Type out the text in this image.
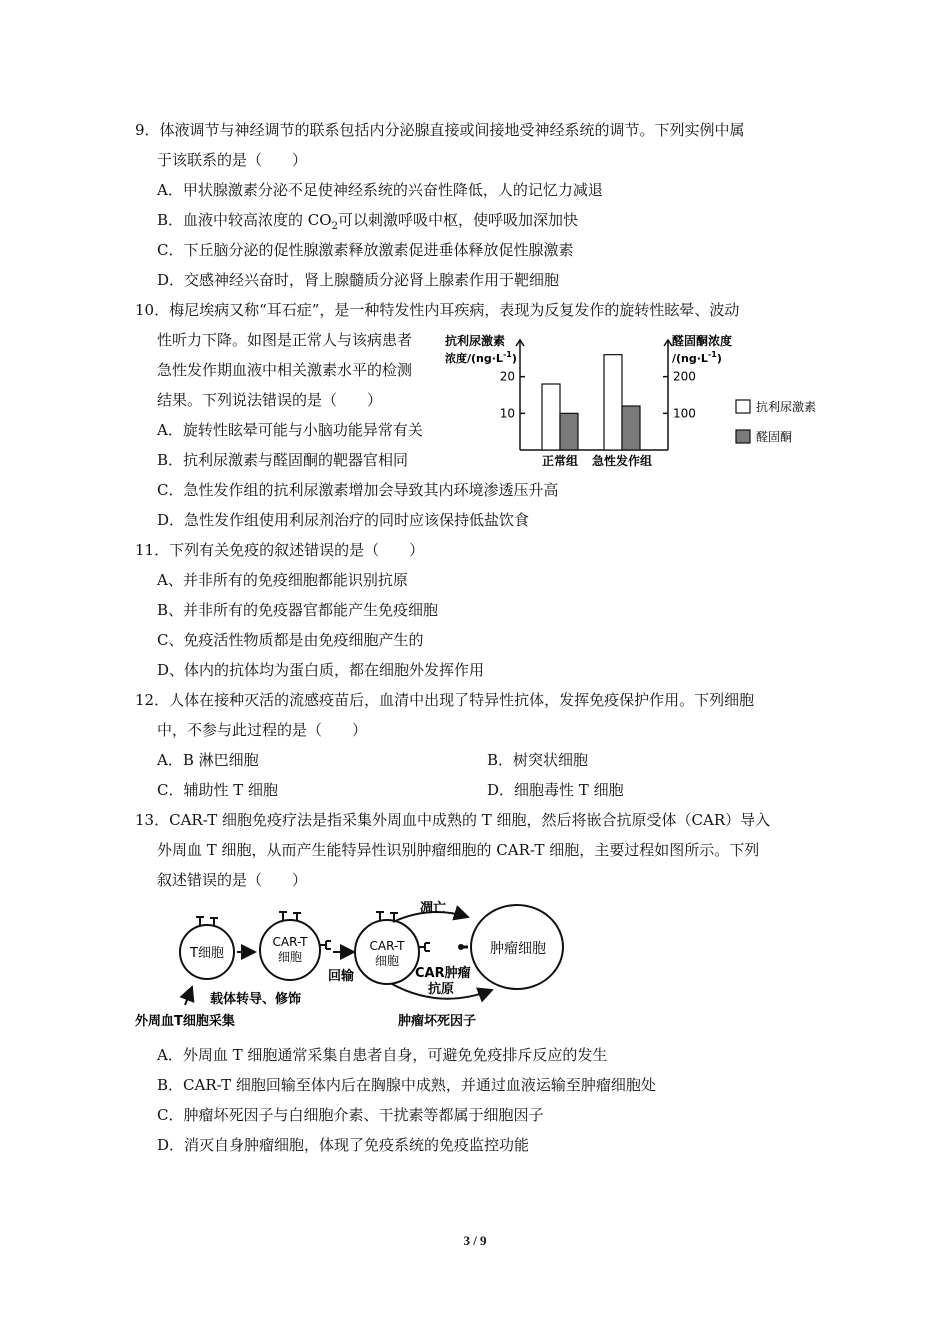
9．体液调节与神经调节的联系包括内分泌腺直接或间接地受神经系统的调节。下列实例中属
于该联系的是（　　）
A．甲状腺激素分泌不足使神经系统的兴奋性降低，人的记忆力减退
B．血液中较高浓度的 $CO_2$可以刺激呼吸中枢，使呼吸加深加快
C．下丘脑分泌的促性腺激素释放激素促进垂体释放促性腺激素
D．交感神经兴奋时，肾上腺髓质分泌肾上腺素作用于靶细胞
10．梅尼埃病又称“耳石症”，是一种特发性内耳疾病，表现为反复发作的旋转性眩晕、波动
性听力下降。如图是正常人与该病患者
急性发作期血液中相关激素水平的检测
结果。下列说法错误的是（　　）
A．旋转性眩晕可能与小脑功能异常有关
B．抗利尿激素与醛固酮的靶器官相同
C．急性发作组的抗利尿激素增加会导致其内环境渗透压升高
D．急性发作组使用利尿剂治疗的同时应该保持低盐饮食
抗利尿激素
浓度$/(ng\cdot L^{-1})$
醛固酮浓度
$/(ng\cdot L^{-1})$
10
20
100
200
正常组 急性发作组
抗利尿激素
醛固酮
11．下列有关免疫的叙述错误的是（　　）
A、并非所有的免疫细胞都能识别抗原
B、并非所有的免疫器官都能产生免疫细胞
C、免疫活性物质都是由免疫细胞产生的
D、体内的抗体均为蛋白质，都在细胞外发挥作用
12．人体在接种灭活的流感疫苗后，血清中出现了特异性抗体，发挥免疫保护作用。下列细胞
中，不参与此过程的是（　　）
A．B 淋巴细胞	B．树突状细胞
C．辅助性 T 细胞	D．细胞毒性 T 细胞
13．CAR-T 细胞免疫疗法是指采集外周血中成熟的 T 细胞，然后将嵌合抗原受体（CAR）导入
外周血 T 细胞，从而产生能特异性识别肿瘤细胞的 CAR-T 细胞，主要过程如图所示。下列
叙述错误的是（　　）
T细胞
CAR-T
细胞
回输
CAR-T
细胞
肿瘤细胞
凋亡
CAR肿瘤
抗原
肿瘤坏死因子
载体转导、修饰
外周血T细胞采集
A．外周血 T 细胞通常采集自患者自身，可避免免疫排斥反应的发生
B．CAR-T 细胞回输至体内后在胸腺中成熟，并通过血液运输至肿瘤细胞处
C．肿瘤坏死因子与白细胞介素、干扰素等都属于细胞因子
D．消灭自身肿瘤细胞，体现了免疫系统的免疫监控功能
3 / 9
